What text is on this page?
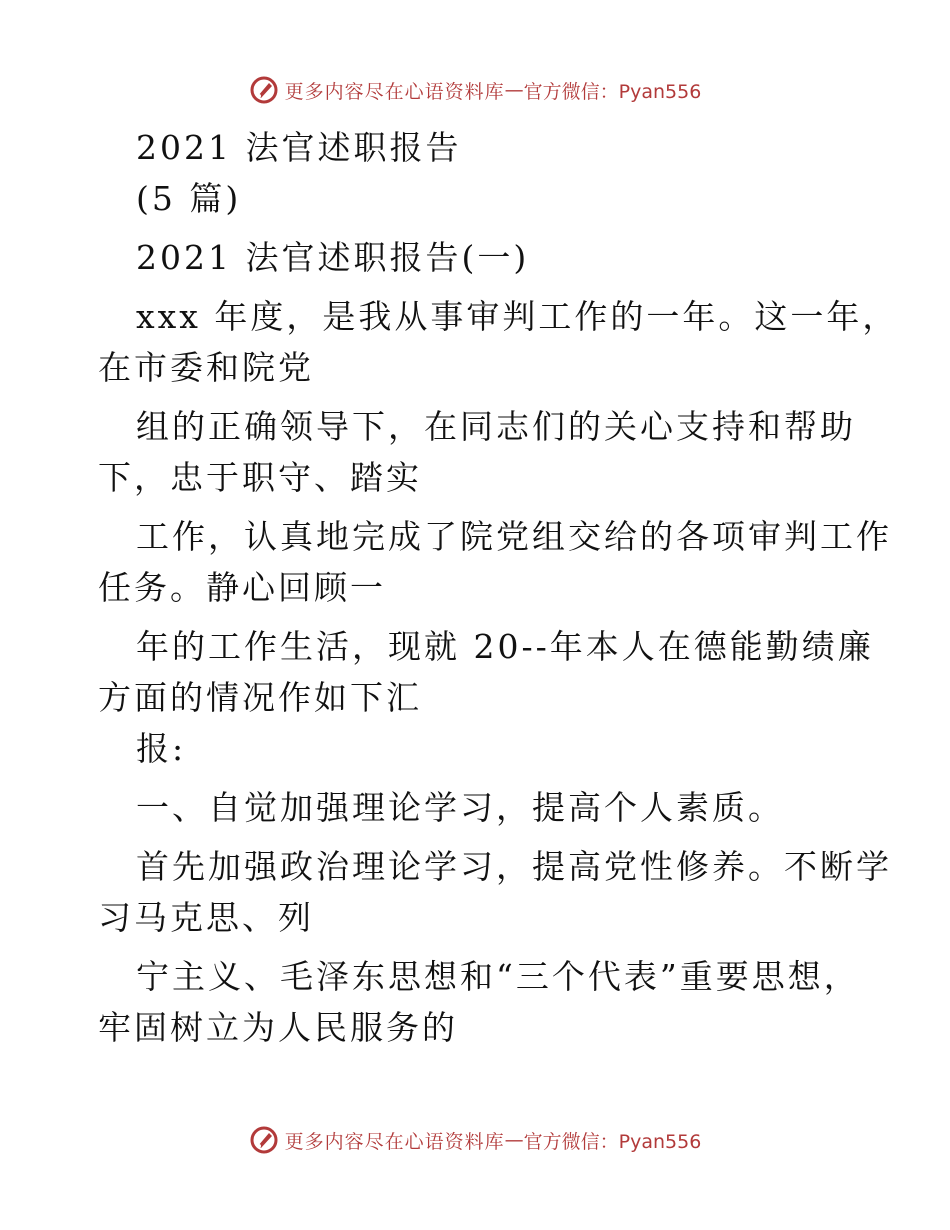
更多内容尽在心语资料库 — 官方微信：Pyan556
2021 法官述职报告
(5 篇)
2021 法官述职报告(一)
xxx 年度，是我从事审判工作的一年。这一年，
在市委和院党
组的正确领导下，在同志们的关心支持和帮助
下，忠于职守、踏实
工作，认真地完成了院党组交给的各项审判工作
任务。静心回顾一
年的工作生活，现就 20--年本人在德能勤绩廉
方面的情况作如下汇
报:
一、自觉加强理论学习，提高个人素质。
首先加强政治理论学习，提高党性修养。不断学
习马克思、列
宁主义、毛泽东思想和“三个代表”重要思想，
牢固树立为人民服务的
更多内容尽在心语资料库 — 官方微信：Pyan556
